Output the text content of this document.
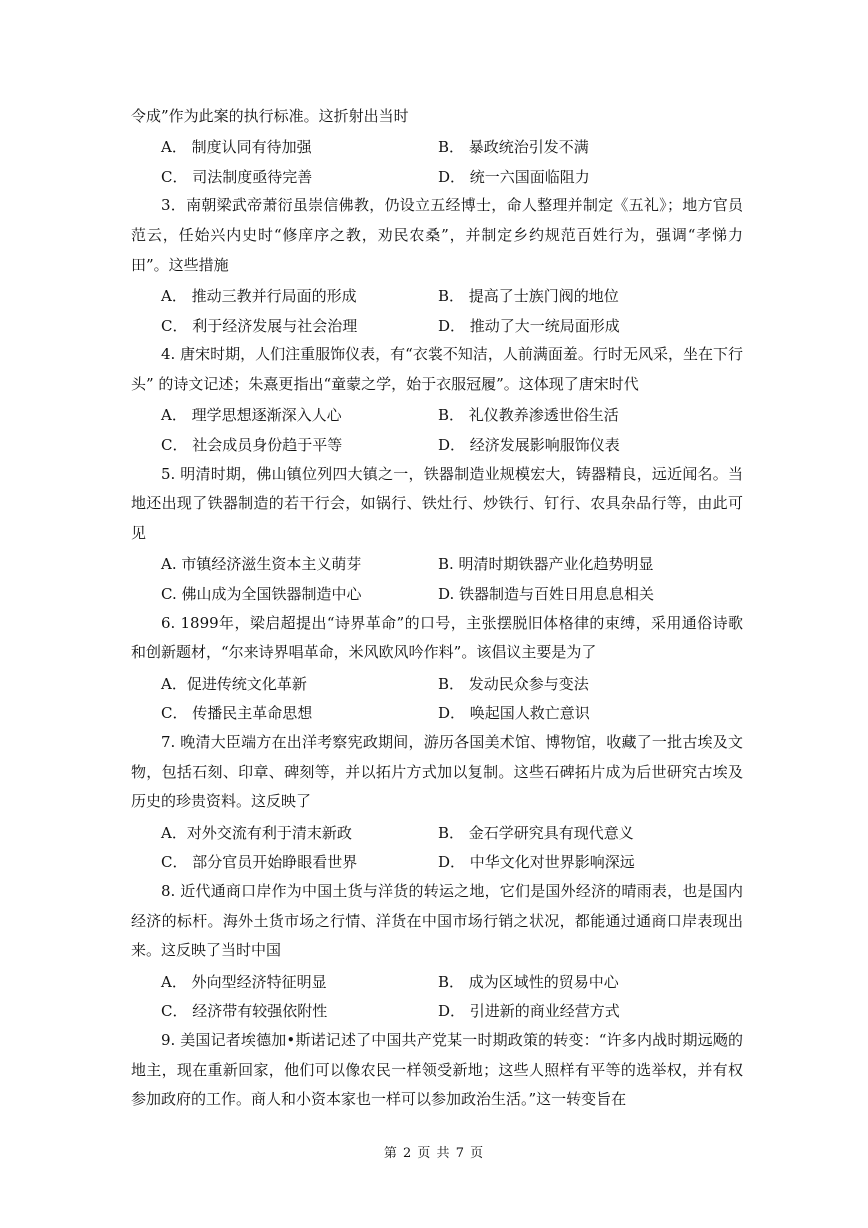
令成”作为此案的执行标准。这折射出当时

A． 制度认同有待加强	B． 暴政统治引发不满
C． 司法制度亟待完善	D． 统一六国面临阻力

3．南朝梁武帝萧衍虽崇信佛教，仍设立五经博士，命人整理并制定《五礼》；地方官员范云，任始兴内史时“修庠序之教，劝民农桑”，并制定乡约规范百姓行为，强调“孝悌力田”。这些措施

A． 推动三教并行局面的形成	B． 提高了士族门阀的地位
C． 利于经济发展与社会治理	D． 推动了大一统局面形成

4. 唐宋时期，人们注重服饰仪表，有“衣裳不知洁，人前满面羞。行时无风采，坐在下行头” 的诗文记述；朱熹更指出“童蒙之学，始于衣服冠履”。这体现了唐宋时代

A． 理学思想逐渐深入人心	B． 礼仪教养渗透世俗生活
C． 社会成员身份趋于平等	D． 经济发展影响服饰仪表

5. 明清时期，佛山镇位列四大镇之一，铁器制造业规模宏大，铸器精良，远近闻名。当地还出现了铁器制造的若干行会，如锅行、铁灶行、炒铁行、钉行、农具杂品行等，由此可见

A. 市镇经济滋生资本主义萌芽	B. 明清时期铁器产业化趋势明显
C. 佛山成为全国铁器制造中心	D. 铁器制造与百姓日用息息相关

6. 1899年，梁启超提出“诗界革命”的口号，主张摆脱旧体格律的束缚，采用通俗诗歌和创新题材，“尔来诗界唱革命，米风欧风吟作料”。该倡议主要是为了

A．促进传统文化革新	B． 发动民众参与变法
C． 传播民主革命思想	D． 唤起国人救亡意识

7. 晚清大臣端方在出洋考察宪政期间，游历各国美术馆、博物馆，收藏了一批古埃及文物，包括石刻、印章、碑刻等，并以拓片方式加以复制。这些石碑拓片成为后世研究古埃及历史的珍贵资料。这反映了

A．对外交流有利于清末新政	B． 金石学研究具有现代意义
C． 部分官员开始睁眼看世界	D． 中华文化对世界影响深远

8. 近代通商口岸作为中国土货与洋货的转运之地，它们是国外经济的晴雨表，也是国内经济的标杆。海外土货市场之行情、洋货在中国市场行销之状况，都能通过通商口岸表现出来。这反映了当时中国

A． 外向型经济特征明显	B． 成为区域性的贸易中心
C． 经济带有较强依附性	D． 引进新的商业经营方式

9. 美国记者埃德加•斯诺记述了中国共产党某一时期政策的转变：“许多内战时期远飏的地主，现在重新回家，他们可以像农民一样领受新地；这些人照样有平等的选举权，并有权参加政府的工作。商人和小资本家也一样可以参加政治生活。”这一转变旨在

第 2 页 共 7 页
